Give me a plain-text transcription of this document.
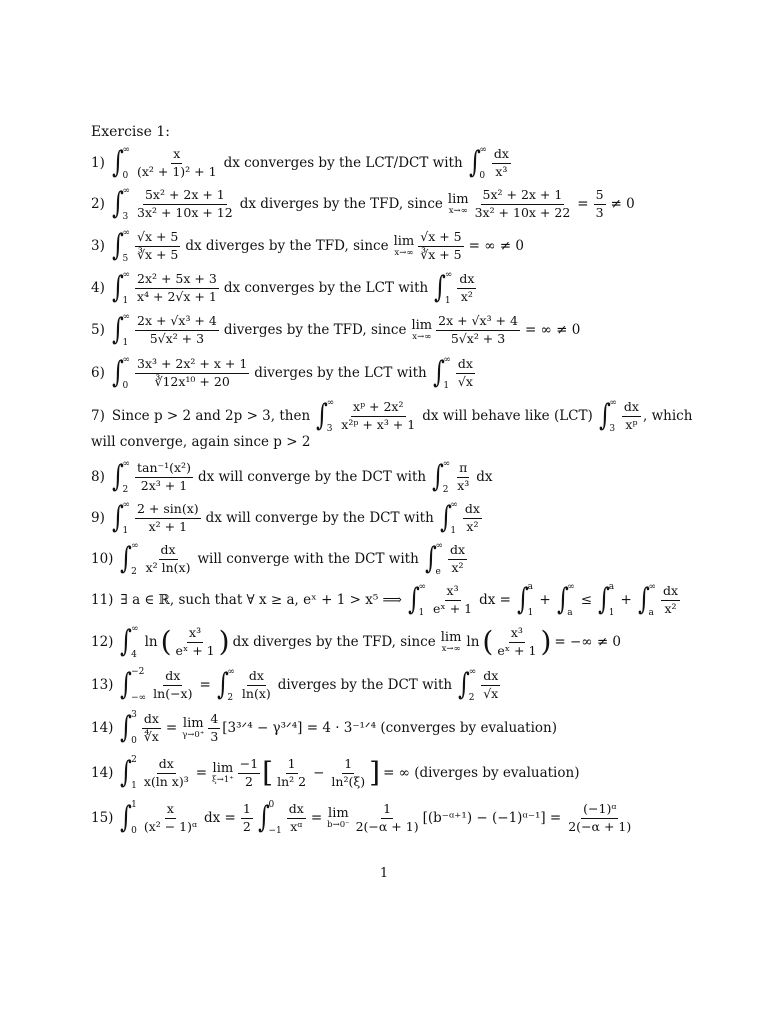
Exercise 1:
1) ∫
∞
$0 \frac{x}{\text{(x² + 1)² + 1}}$ dx converges by the LCT/DCT with ∫
∞
$0 \frac{dx}{\text{x³}}$
2) ∫
∞
$3 \frac{\text{5x² + 2x + 1}}{\text{3x² + 10x + 12}}$ dx diverges by the TFD, since lim
$x\to\infty \frac{\text{5x² + 2x + 1}}{\text{3x² + 10x + 22}} = \frac{5}{3} \ne 0$
3) ∫
∞
$5 \frac{√x + 5}{∛x + 5}$ dx diverges by the TFD, since lim
$x\to\infty \frac{√x + 5}{∛x + 5}$ = ∞ ≠ 0
4) ∫
∞
$1 \frac{\text{2x² + 5x + 3}}{\text{x⁴ + 2√x + 1}}$ dx converges by the LCT with ∫
∞
$1 \frac{dx}{\text{x²}}$
5) ∫
∞
$1 \frac{\text{2x + √x³ + 4}}{\text{5√x² + 3}}$ diverges by the TFD, since lim
$x\to\infty \frac{\text{2x + √x³ + 4}}{\text{5√x² + 3}}$ = ∞ ≠ 0
6) ∫
∞
$0 \frac{\text{3x³ + 2x² + x + 1}}{\text{∛12x¹⁰ + 20}}$ diverges by the LCT with ∫
∞
$1 \frac{dx}{√x}$
7) Since p > 2 and 2p > 3, then ∫
∞
$3 \frac{\text{xᵖ + 2x²}}{\text{x²ᵖ + x³ + 1}}$ dx will behave like (LCT) ∫
∞
$3 \frac{dx}{\text{xᵖ}}$ , which
will converge, again since p > 2
8) ∫
∞
$2 \frac{\text{tan⁻¹(x²)}}{\text{2x³ + 1}}$ dx will converge by the DCT with ∫
∞
$2 \frac{\pi}{\text{x³}}$ dx
9) ∫
∞
$1 \frac{2 + \sin(x)}{\text{x² + 1}}$ dx will converge by the DCT with ∫
∞
$1 \frac{dx}{\text{x²}}$
10) ∫
∞
$2 \frac{dx}{\text{x² ln(x)}}$ will converge with the DCT with ∫
∞
e $\frac{dx}{\text{x²}}$
11) ∃ a ∈ ℝ, such that ∀ x ≥ a, eˣ + 1 > x⁵ ⟹ ∫
∞
$1 \frac{\text{x³}}{\text{eˣ + 1}}$ dx = ∫
a
1
+ ∫
∞
a
≤ ∫
a
1
+ ∫
∞
a $\frac{dx}{\text{x²}}$
12) ∫
∞
4
ln ( $\frac{\text{x³}}{\text{eˣ + 1}}$ ) dx diverges by the TFD, since lim
x→∞ ln ( $\frac{\text{x³}}{\text{eˣ + 1}}$ ) = −∞ ≠ 0
13) ∫
−2
−∞ $\frac{dx}{\ln(-x)}$ = ∫
∞
$2 \frac{dx}{\ln(x)}$ diverges by the DCT with ∫
∞
$2 \frac{dx}{√x}$
14) ∫
3
$0 \frac{dx}{∜x} = \lim$
$\gamma\to 0^+ \frac{4}{3}$ [3³ᐟ⁴ − γ³ᐟ⁴] = 4 · 3⁻¹ᐟ⁴ (converges by evaluation)
14) ∫
2
$1 \frac{dx}{\text{x(ln x)³}} = \lim$
$\xi\to 1^+ \frac{-1}{2}$ [ $\frac{1}{\text{ln² 2}} - \frac{1}{\text{ln²(ξ)}}$ ] = ∞ (diverges by evaluation)
15) ∫
1
$0 \frac{x}{\text{(x² − 1)ᵅ}}$ dx = $\frac{1}{2}$ ∫
0
$-1 \frac{dx}{\text{xᵅ}} = \lim$
$b\to 0^- \frac{1}{2(-\alpha + 1)}$ [(b⁻ᵅ⁺¹) − (−1)ᵅ⁻¹] = $\frac{\text{(−1)ᵅ}}{2(-\alpha + 1)}$
1
